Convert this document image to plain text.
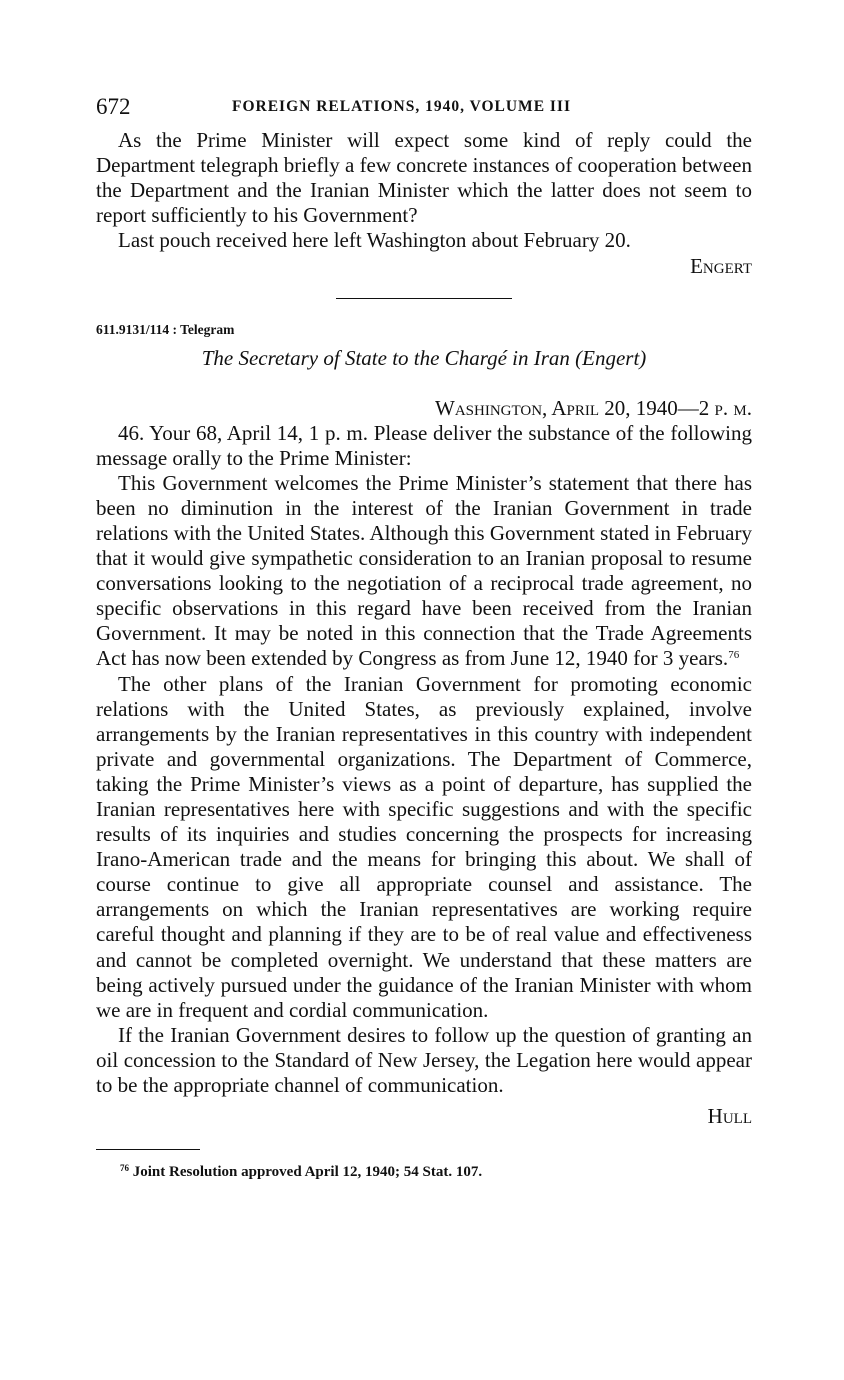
672	FOREIGN RELATIONS, 1940, VOLUME III

As the Prime Minister will expect some kind of reply could the Department telegraph briefly a few concrete instances of cooperation between the Department and the Iranian Minister which the latter does not seem to report sufficiently to his Government?

Last pouch received here left Washington about February 20.

Engert

611.9131/114 : Telegram
The Secretary of State to the Chargé in Iran (Engert)

Washington, April 20, 1940—2 p. m.

46. Your 68, April 14, 1 p. m. Please deliver the substance of the following message orally to the Prime Minister:

This Government welcomes the Prime Minister’s statement that there has been no diminution in the interest of the Iranian Government in trade relations with the United States. Although this Government stated in February that it would give sympathetic consideration to an Iranian proposal to resume conversations looking to the negotiation of a reciprocal trade agreement, no specific observations in this regard have been received from the Iranian Government. It may be noted in this connection that the Trade Agreements Act has now been extended by Congress as from June 12, 1940 for 3 years.$^{76}$

The other plans of the Iranian Government for promoting economic relations with the United States, as previously explained, involve arrangements by the Iranian representatives in this country with independent private and governmental organizations. The Department of Commerce, taking the Prime Minister’s views as a point of departure, has supplied the Iranian representatives here with specific suggestions and with the specific results of its inquiries and studies concerning the prospects for increasing Irano-American trade and the means for bringing this about. We shall of course continue to give all appropriate counsel and assistance. The arrangements on which the Iranian representatives are working require careful thought and planning if they are to be of real value and effectiveness and cannot be completed overnight. We understand that these matters are being actively pursued under the guidance of the Iranian Minister with whom we are in frequent and cordial communication.

If the Iranian Government desires to follow up the question of granting an oil concession to the Standard of New Jersey, the Legation here would appear to be the appropriate channel of communication.

Hull

$^{76}$ Joint Resolution approved April 12, 1940; 54 Stat. 107.
